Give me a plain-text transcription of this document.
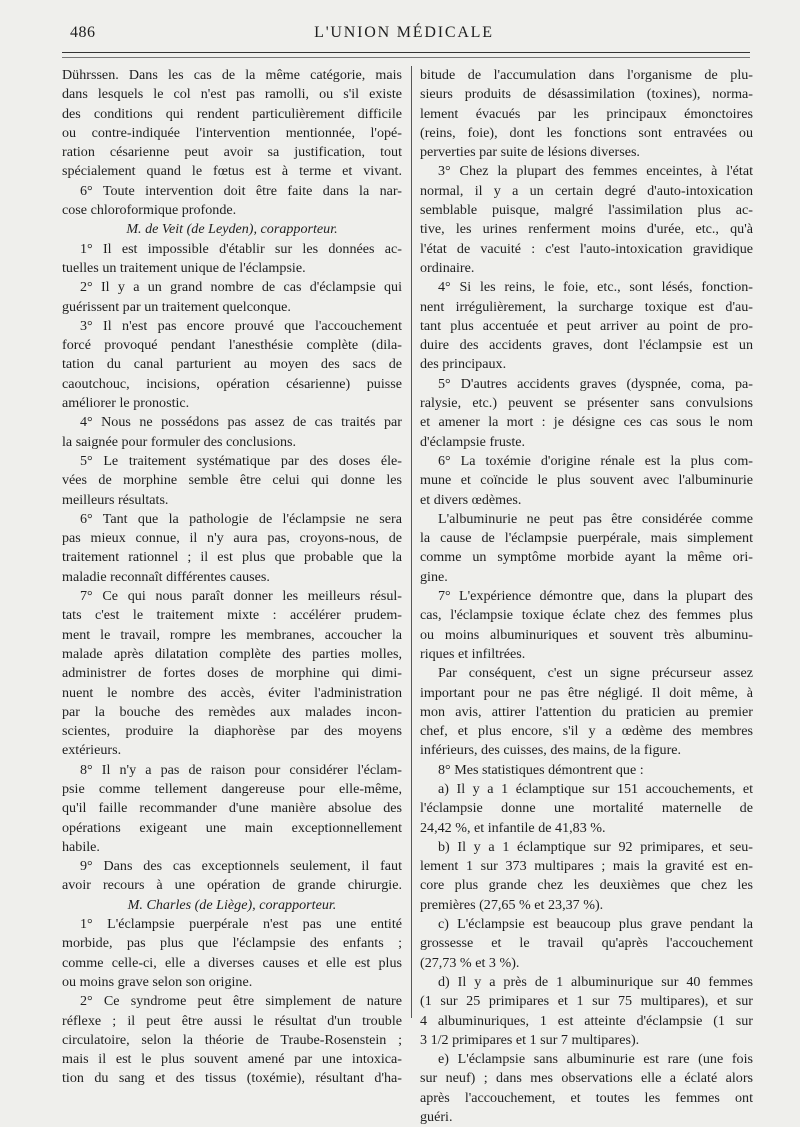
486	L'UNION MÉDICALE
Dührssen. Dans les cas de la même catégorie, mais
dans lesquels le col n'est pas ramolli, ou s'il existe
des conditions qui rendent particulièrement difficile
ou contre-indiquée l'intervention mentionnée, l'opé-
ration césarienne peut avoir sa justification, tout
spécialement quand le fœtus est à terme et vivant.
6° Toute intervention doit être faite dans la nar-
cose chloroformique profonde.
M. de Veit (de Leyden), corapporteur.
1° Il est impossible d'établir sur les données ac-
tuelles un traitement unique de l'éclampsie.
2° Il y a un grand nombre de cas d'éclampsie qui
guérissent par un traitement quelconque.
3° Il n'est pas encore prouvé que l'accouchement
forcé provoqué pendant l'anesthésie complète (dila-
tation du canal parturient au moyen des sacs de
caoutchouc, incisions, opération césarienne) puisse
améliorer le pronostic.
4° Nous ne possédons pas assez de cas traités par
la saignée pour formuler des conclusions.
5° Le traitement systématique par des doses éle-
vées de morphine semble être celui qui donne les
meilleurs résultats.
6° Tant que la pathologie de l'éclampsie ne sera
pas mieux connue, il n'y aura pas, croyons-nous, de
traitement rationnel ; il est plus que probable que la
maladie reconnaît différentes causes.
7° Ce qui nous paraît donner les meilleurs résul-
tats c'est le traitement mixte : accélérer prudem-
ment le travail, rompre les membranes, accoucher la
malade après dilatation complète des parties molles,
administrer de fortes doses de morphine qui dimi-
nuent le nombre des accès, éviter l'administration
par la bouche des remèdes aux malades incon-
scientes, produire la diaphorèse par des moyens
extérieurs.
8° Il n'y a pas de raison pour considérer l'éclam-
psie comme tellement dangereuse pour elle-même,
qu'il faille recommander d'une manière absolue des
opérations exigeant une main exceptionnellement
habile.
9° Dans des cas exceptionnels seulement, il faut
avoir recours à une opération de grande chirurgie.
M. Charles (de Liège), corapporteur.
1° L'éclampsie puerpérale n'est pas une entité
morbide, pas plus que l'éclampsie des enfants ;
comme celle-ci, elle a diverses causes et elle est plus
ou moins grave selon son origine.
2° Ce syndrome peut être simplement de nature
réflexe ; il peut être aussi le résultat d'un trouble
circulatoire, selon la théorie de Traube-Rosenstein ;
mais il est le plus souvent amené par une intoxica-
tion du sang et des tissus (toxémie), résultant d'ha-
bitude de l'accumulation dans l'organisme de plu-
sieurs produits de désassimilation (toxines), norma-
lement évacués par les principaux émonctoires
(reins, foie), dont les fonctions sont entravées ou
perverties par suite de lésions diverses.
3° Chez la plupart des femmes enceintes, à l'état
normal, il y a un certain degré d'auto-intoxication
semblable puisque, malgré l'assimilation plus ac-
tive, les urines renferment moins d'urée, etc., qu'à
l'état de vacuité : c'est l'auto-intoxication gravidique
ordinaire.
4° Si les reins, le foie, etc., sont lésés, fonction-
nent irrégulièrement, la surcharge toxique est d'au-
tant plus accentuée et peut arriver au point de pro-
duire des accidents graves, dont l'éclampsie est un
des principaux.
5° D'autres accidents graves (dyspnée, coma, pa-
ralysie, etc.) peuvent se présenter sans convulsions
et amener la mort : je désigne ces cas sous le nom
d'éclampsie fruste.
6° La toxémie d'origine rénale est la plus com-
mune et coïncide le plus souvent avec l'albuminurie
et divers œdèmes.
L'albuminurie ne peut pas être considérée comme
la cause de l'éclampsie puerpérale, mais simplement
comme un symptôme morbide ayant la même ori-
gine.
7° L'expérience démontre que, dans la plupart des
cas, l'éclampsie toxique éclate chez des femmes plus
ou moins albuminuriques et souvent très albuminu-
riques et infiltrées.
Par conséquent, c'est un signe précurseur assez
important pour ne pas être négligé. Il doit même, à
mon avis, attirer l'attention du praticien au premier
chef, et plus encore, s'il y a œdème des membres
inférieurs, des cuisses, des mains, de la figure.
8° Mes statistiques démontrent que :
a) Il y a 1 éclamptique sur 151 accouchements, et
l'éclampsie donne une mortalité maternelle de
24,42 %, et infantile de 41,83 %.
b) Il y a 1 éclamptique sur 92 primipares, et seu-
lement 1 sur 373 multipares ; mais la gravité est en-
core plus grande chez les deuxièmes que chez les
premières (27,65 % et 23,37 %).
c) L'éclampsie est beaucoup plus grave pendant la
grossesse et le travail qu'après l'accouchement
(27,73 % et 3 %).
d) Il y a près de 1 albuminurique sur 40 femmes
(1 sur 25 primipares et 1 sur 75 multipares), et sur
4 albuminuriques, 1 est atteinte d'éclampsie (1 sur
3 1/2 primipares et 1 sur 7 multipares).
e) L'éclampsie sans albuminurie est rare (une fois
sur neuf) ; dans mes observations elle a éclaté alors
après l'accouchement, et toutes les femmes ont
guéri.
